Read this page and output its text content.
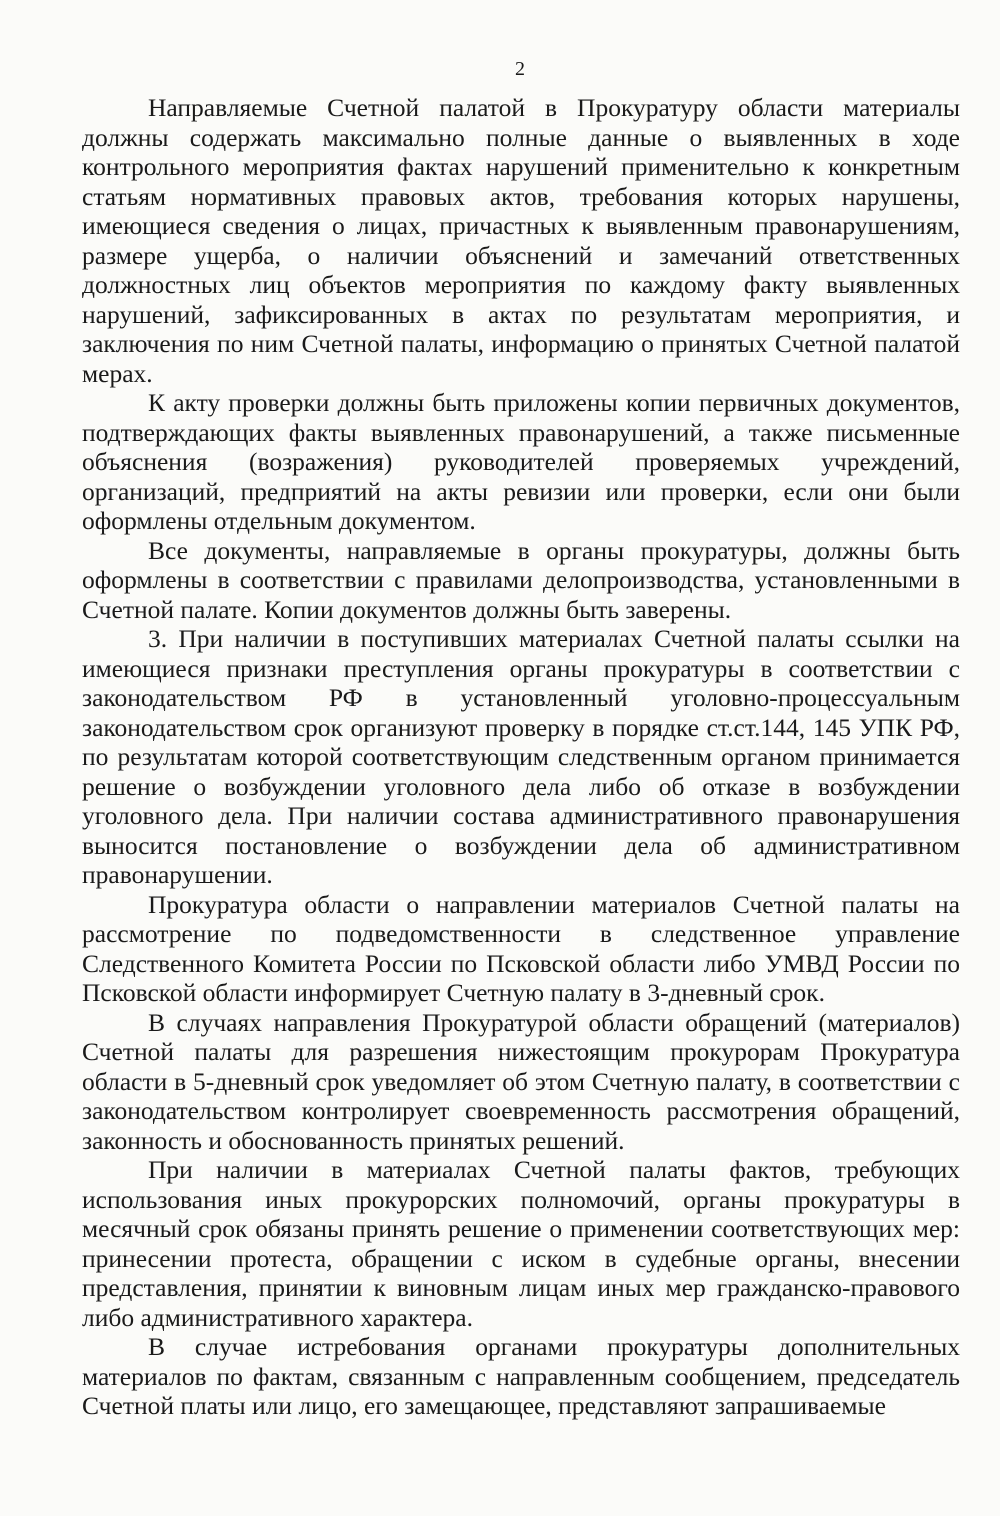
2

Направляемые Счетной палатой в Прокуратуру области материалы должны содержать максимально полные данные о выявленных в ходе контрольного мероприятия фактах нарушений применительно к конкретным статьям нормативных правовых актов, требования которых нарушены, имеющиеся сведения о лицах, причастных к выявленным правонарушениям, размере ущерба, о наличии объяснений и замечаний ответственных должностных лиц объектов мероприятия по каждому факту выявленных нарушений, зафиксированных в актах по результатам мероприятия, и заключения по ним Счетной палаты, информацию о принятых Счетной палатой мерах.

К акту проверки должны быть приложены копии первичных документов, подтверждающих факты выявленных правонарушений, а также письменные объяснения (возражения) руководителей проверяемых учреждений, организаций, предприятий на акты ревизии или проверки, если они были оформлены отдельным документом.

Все документы, направляемые в органы прокуратуры, должны быть оформлены в соответствии с правилами делопроизводства, установленными в Счетной палате. Копии документов должны быть заверены.

3. При наличии в поступивших материалах Счетной палаты ссылки на имеющиеся признаки преступления органы прокуратуры в соответствии с законодательством РФ в установленный уголовно-процессуальным законодательством срок организуют проверку в порядке ст.ст.144, 145 УПК РФ, по результатам которой соответствующим следственным органом принимается решение о возбуждении уголовного дела либо об отказе в возбуждении уголовного дела. При наличии состава административного правонарушения выносится постановление о возбуждении дела об административном правонарушении.

Прокуратура области о направлении материалов Счетной палаты на рассмотрение по подведомственности в следственное управление Следственного Комитета России по Псковской области либо УМВД России по Псковской области информирует Счетную палату в 3-дневный срок.

В случаях направления Прокуратурой области обращений (материалов) Счетной палаты для разрешения нижестоящим прокурорам Прокуратура области в 5-дневный срок уведомляет об этом Счетную палату, в соответствии с законодательством контролирует своевременность рассмотрения обращений, законность и обоснованность принятых решений.

При наличии в материалах Счетной палаты фактов, требующих использования иных прокурорских полномочий, органы прокуратуры в месячный срок обязаны принять решение о применении соответствующих мер: принесении протеста, обращении с иском в судебные органы, внесении представления, принятии к виновным лицам иных мер гражданско-правового либо административного характера.

В случае истребования органами прокуратуры дополнительных материалов по фактам, связанным с направленным сообщением, председатель Счетной платы или лицо, его замещающее, представляют запрашиваемые
